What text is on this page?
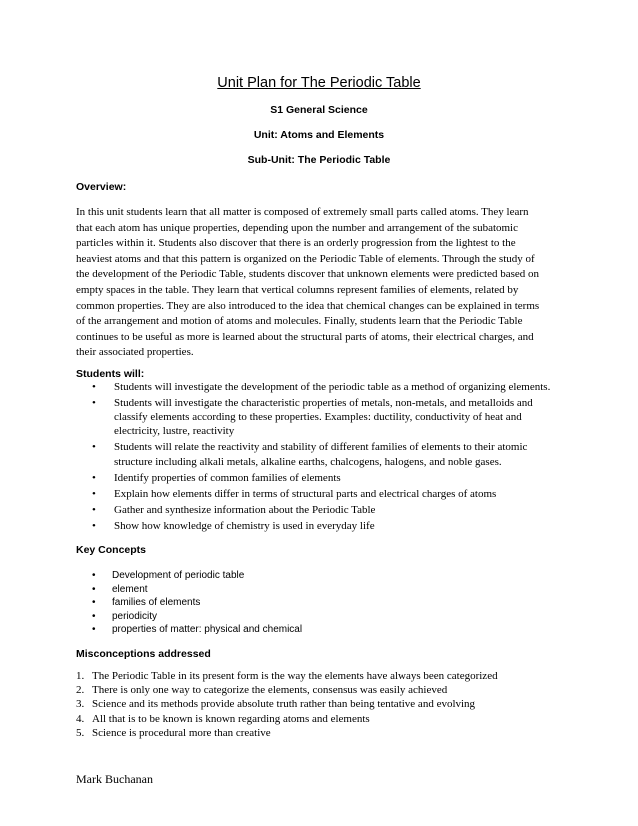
Unit Plan for The Periodic Table
S1 General Science
Unit: Atoms and Elements
Sub-Unit: The Periodic Table
Overview:

In this unit students learn that all matter is composed of extremely small parts called atoms. They learn
that each atom has unique properties, depending upon the number and arrangement of the subatomic
particles within it. Students also discover that there is an orderly progression from the lightest to the
heaviest atoms and that this pattern is organized on the Periodic Table of elements. Through the study of
the development of the Periodic Table, students discover that unknown elements were predicted based on
empty spaces in the table. They learn that vertical columns represent families of elements, related by
common properties. They are also introduced to the idea that chemical changes can be explained in terms
of the arrangement and motion of atoms and molecules. Finally, students learn that the Periodic Table
continues to be useful as more is learned about the structural parts of atoms, their electrical charges, and
their associated properties.

Students will:
• Students will investigate the development of the periodic table as a method of organizing elements.
• Students will investigate the characteristic properties of metals, non-metals, and metalloids and classify elements according to these properties. Examples: ductility, conductivity of heat and electricity, lustre, reactivity
• Students will relate the reactivity and stability of different families of elements to their atomic structure including alkali metals, alkaline earths, chalcogens, halogens, and noble gases.
• Identify properties of common families of elements
• Explain how elements differ in terms of structural parts and electrical charges of atoms
• Gather and synthesize information about the Periodic Table
• Show how knowledge of chemistry is used in everyday life
Key Concepts
• Development of periodic table
• element
• families of elements
• periodicity
• properties of matter: physical and chemical
Misconceptions addressed
1. The Periodic Table in its present form is the way the elements have always been categorized
2. There is only one way to categorize the elements, consensus was easily achieved
3. Science and its methods provide absolute truth rather than being tentative and evolving
4. All that is to be known is known regarding atoms and elements
5. Science is procedural more than creative
Mark Buchanan
